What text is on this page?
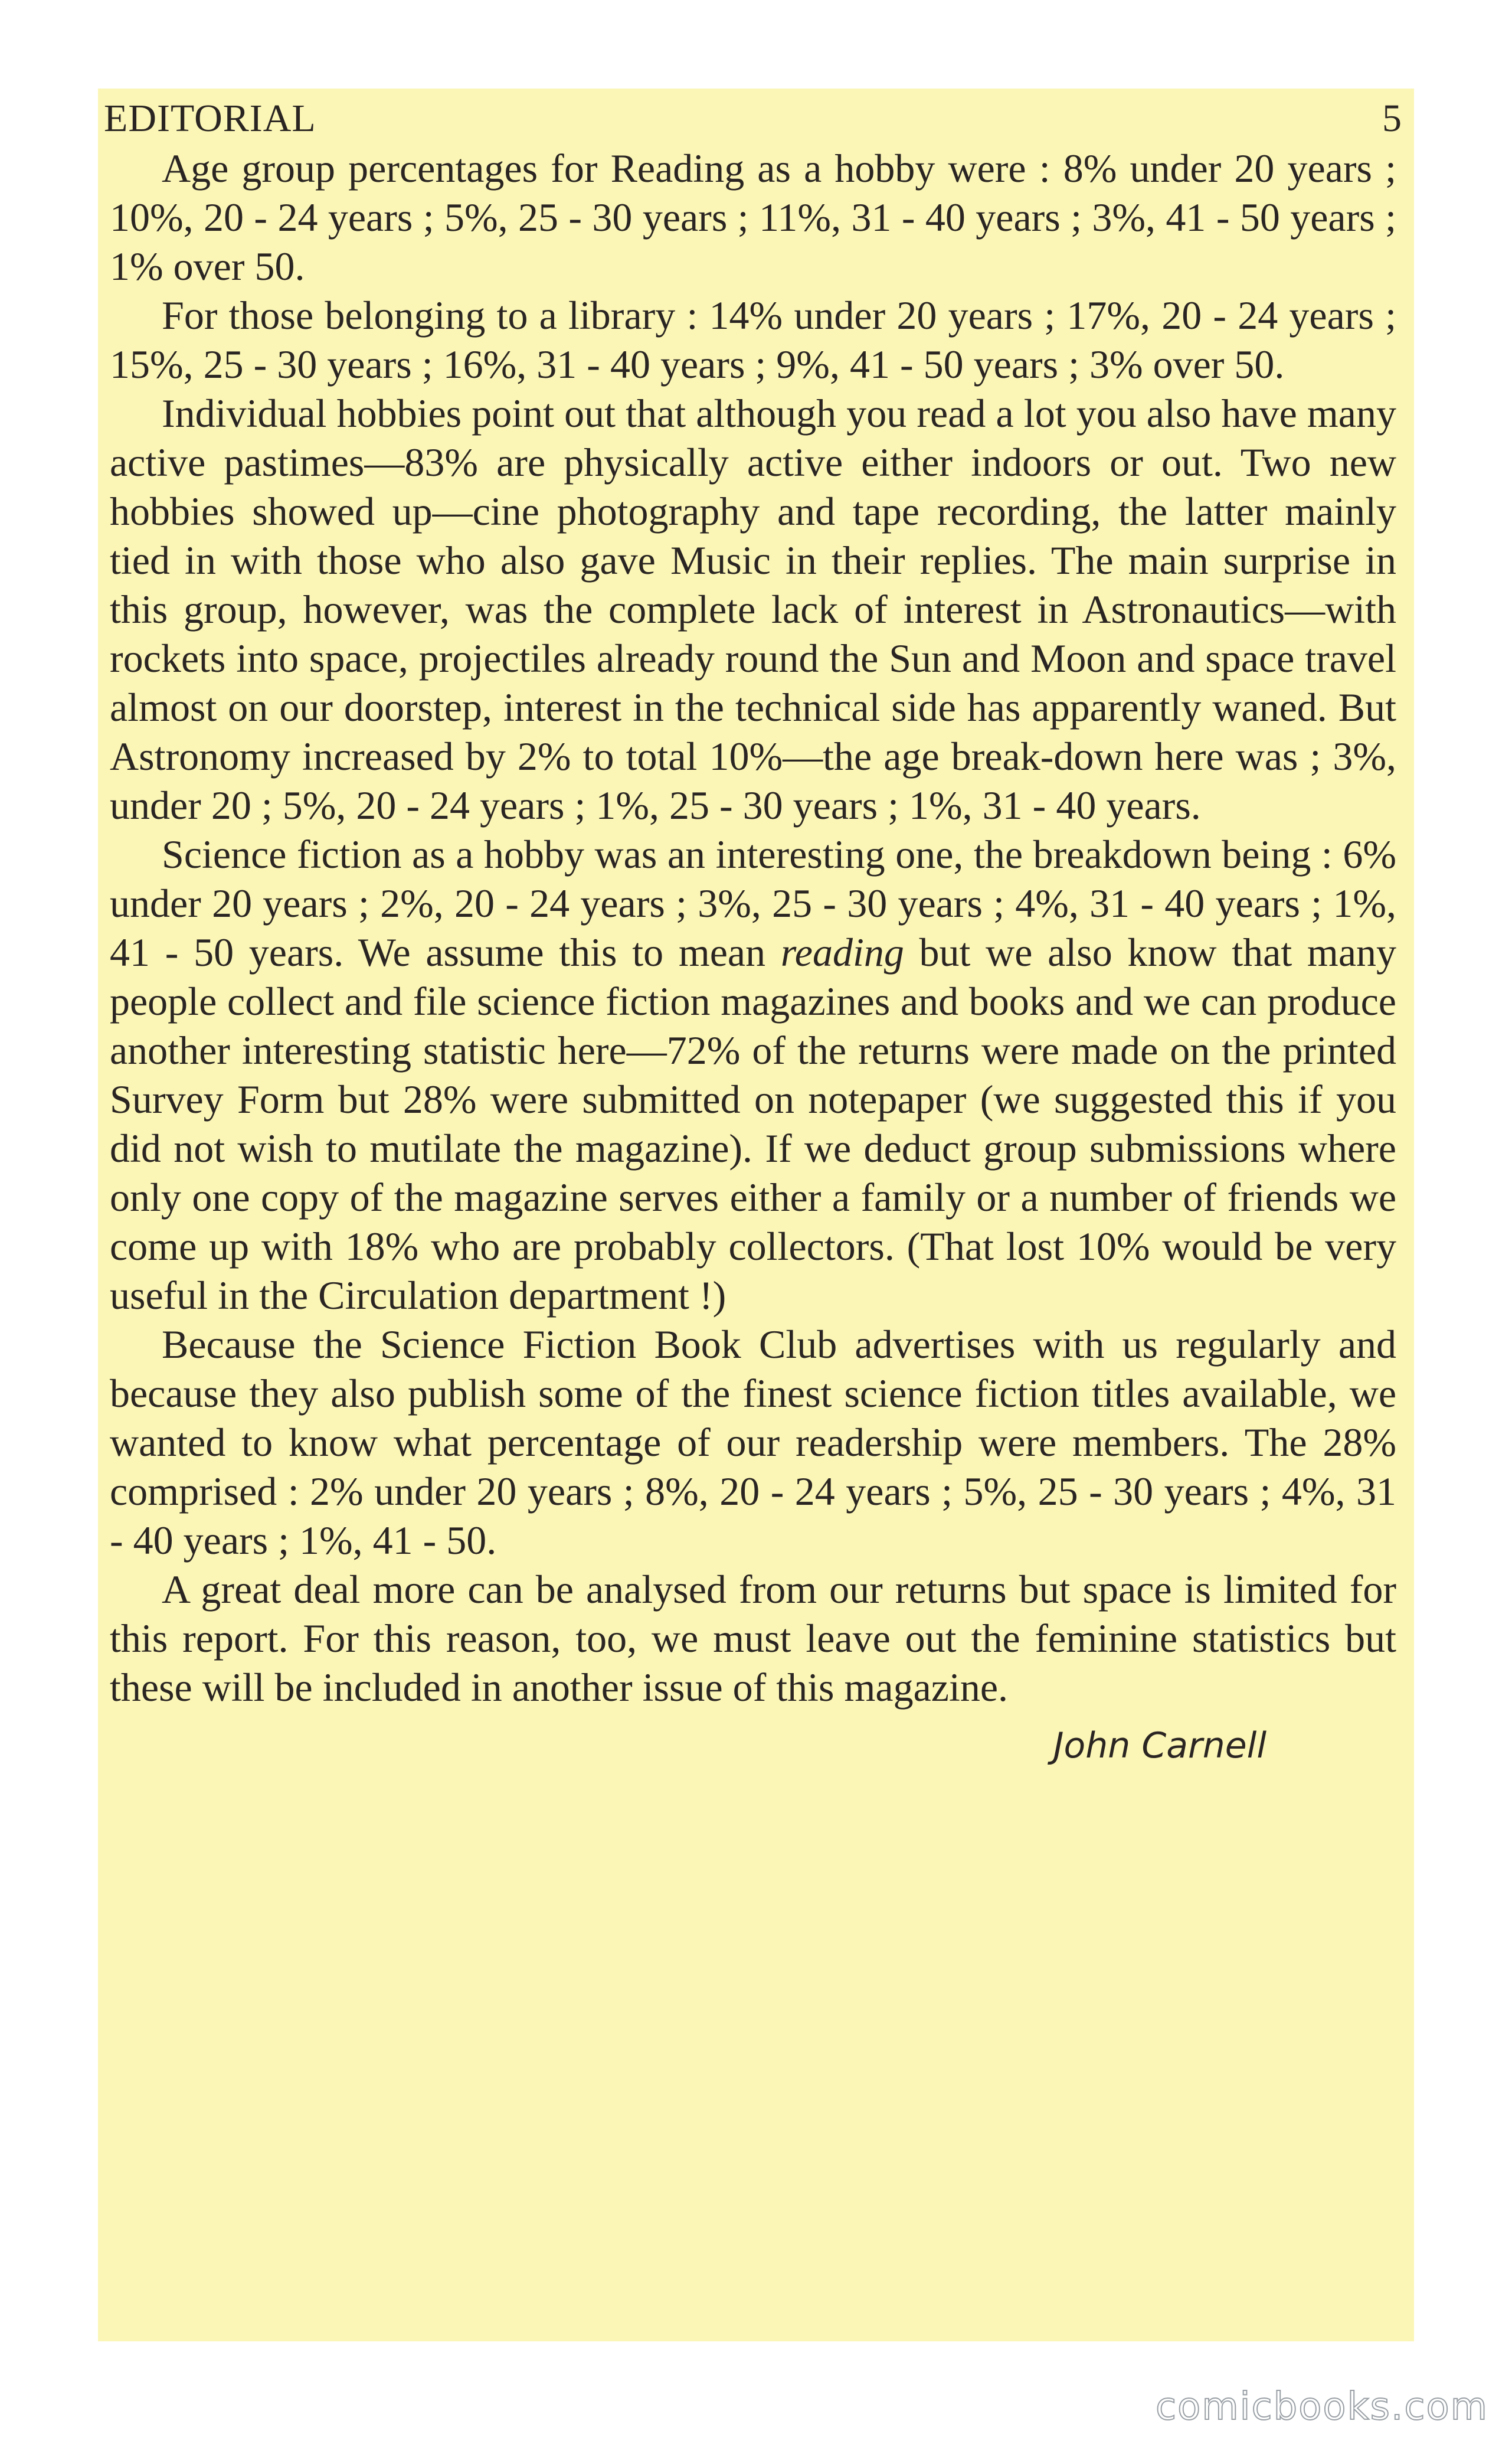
EDITORIAL	5

Age group percentages for Reading as a hobby were : 8% under 20 years ; 10%, 20 - 24 years ; 5%, 25 - 30 years ; 11%, 31 - 40 years ; 3%, 41 - 50 years ; 1% over 50.

For those belonging to a library : 14% under 20 years ; 17%, 20 - 24 years ; 15%, 25 - 30 years ; 16%, 31 - 40 years ; 9%, 41 - 50 years ; 3% over 50.

Individual hobbies point out that although you read a lot you also have many active pastimes—83% are physically active either indoors or out. Two new hobbies showed up—cine photography and tape recording, the latter mainly tied in with those who also gave Music in their replies. The main surprise in this group, however, was the complete lack of interest in Astronautics—with rockets into space, projectiles already round the Sun and Moon and space travel almost on our doorstep, interest in the technical side has apparently waned. But Astronomy increased by 2% to total 10%—the age break-down here was ; 3%, under 20 ; 5%, 20 - 24 years ; 1%, 25 - 30 years ; 1%, 31 - 40 years.

Science fiction as a hobby was an interesting one, the breakdown being : 6% under 20 years ; 2%, 20 - 24 years ; 3%, 25 - 30 years ; 4%, 31 - 40 years ; 1%, 41 - 50 years. We assume this to mean reading but we also know that many people collect and file science fiction magazines and books and we can produce another interesting statistic here—72% of the returns were made on the printed Survey Form but 28% were submitted on notepaper (we suggested this if you did not wish to mutilate the magazine). If we deduct group submissions where only one copy of the magazine serves either a family or a number of friends we come up with 18% who are probably collectors. (That lost 10% would be very useful in the Circulation department !)

Because the Science Fiction Book Club advertises with us regularly and because they also publish some of the finest science fiction titles available, we wanted to know what percentage of our readership were members. The 28% comprised : 2% under 20 years ; 8%, 20 - 24 years ; 5%, 25 - 30 years ; 4%, 31 - 40 years ; 1%, 41 - 50.

A great deal more can be analysed from our returns but space is limited for this report. For this reason, too, we must leave out the feminine statistics but these will be included in another issue of this magazine.

John Carnell
comicbooks.com
